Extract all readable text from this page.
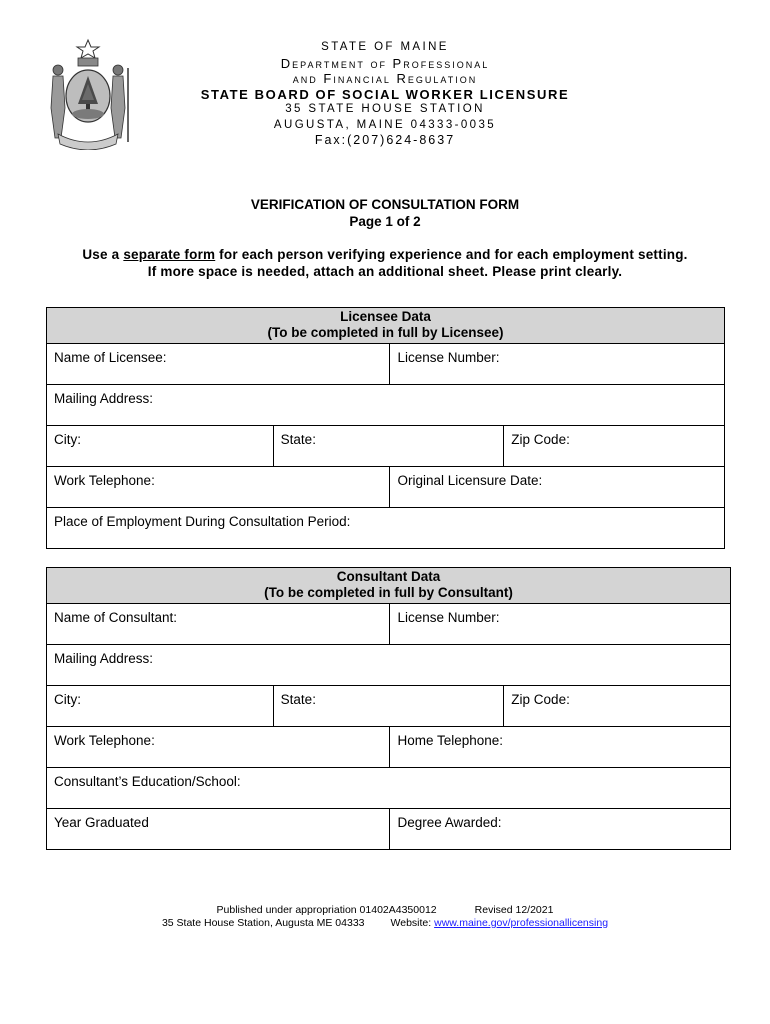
STATE OF MAINE
Department of Professional
and Financial Regulation
STATE BOARD OF SOCIAL WORKER LICENSURE
35 STATE HOUSE STATION
AUGUSTA, MAINE 04333-0035
Fax:(207)624-8637
VERIFICATION OF CONSULTATION FORM
Page 1 of 2
Use a separate form for each person verifying experience and for each employment setting.
If more space is needed, attach an additional sheet. Please print clearly.
Licensee Data
(To be completed in full by Licensee)			

Name of Licensee:		License Number:	
Mailing Address:			
City:	State:		Zip Code:
Work Telephone:		Original Licensure Date:	
Place of Employment During Consultation Period:			
Consultant Data
(To be completed in full by Consultant)			

Name of Consultant:		License Number:	
Mailing Address:			
City:	State:		Zip Code:
Work Telephone:		Home Telephone:	
Consultant’s Education/School:			
Year Graduated		Degree Awarded:	
Published under appropriation 01402A4350012	Revised 12/2021
35 State House Station, Augusta ME 04333 Website: www.maine.gov/professionallicensing
